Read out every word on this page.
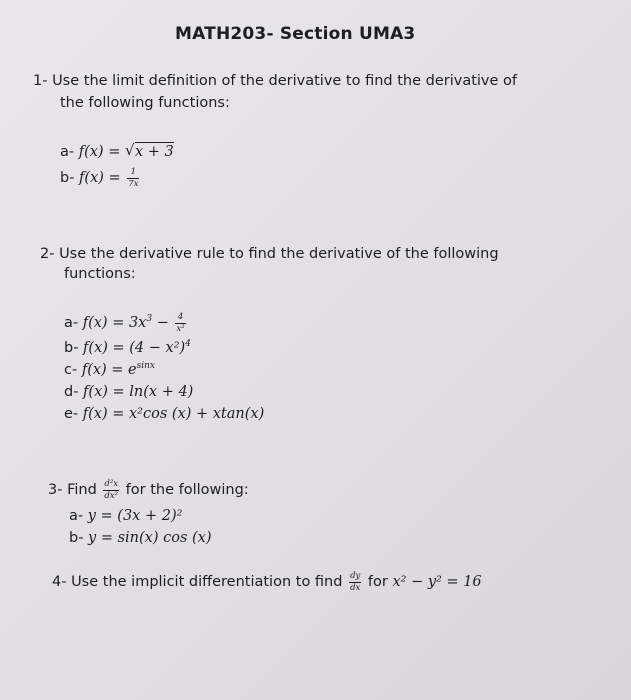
MATH203- Section UMA3
1- Use the limit definition of the derivative to find the derivative of
the following functions:
a- f(x) = √ x + 3
b- $f(x) = \frac{1}{7x}$
2- Use the derivative rule to find the derivative of the following
functions:
a- $f(x) = 3x^3 - \frac{4}{\text{x²}}$
b- $f(x) = (4 - x^2)^4$
c- $f(x) = e^{sinx}$
d- f(x) = ln(x + 4)
e- f(x) = x²cos (x) + xtan(x)
3- Find $\frac{\text{d²x}}{\text{dx²}}$ for the following:
a- y = (3x + 2)²
b- y = sin(x) cos (x)
4- Use the implicit differentiation to find $\frac{dy}{dx}$ for x² − y² = 16
